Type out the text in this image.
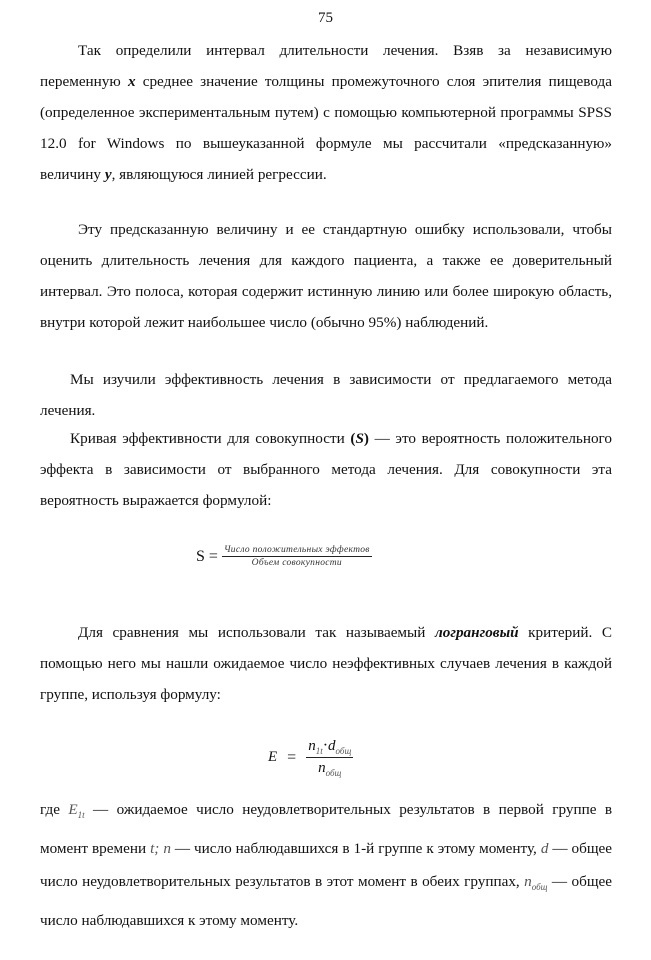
75

Так определили интервал длительности лечения. Взяв за независимую переменную x среднее значение толщины промежуточного слоя эпителия пищевода (определенное экспериментальным путем) с помощью компьютерной программы SPSS 12.0 for Windows по вышеуказанной формуле мы рассчитали «предсказанную» величину y, являющуюся линией регрессии.

Эту предсказанную величину и ее стандартную ошибку использовали, чтобы оценить длительность лечения для каждого пациента, а также ее доверительный интервал. Это полоса, которая содержит истинную линию или более широкую область, внутри которой лежит наибольшее число (обычно 95%) наблюдений.

Мы изучили эффективность лечения в зависимости от предлагаемого метода лечения.

Кривая эффективности для совокупности (S) — это вероятность положительного эффекта в зависимости от выбранного метода лечения. Для совокупности эта вероятность выражается формулой:

$S = \frac{\text{Число положительных эффектов}}{\text{Объем совокупности}}$

Для сравнения мы использовали так называемый логранговый критерий. С помощью него мы нашли ожидаемое число неэффективных случаев лечения в каждой группе, используя формулу:

$E = \frac{n_{1t}\cdot d_{общ}}{n_{общ}}$

где $E_{1t}$ — ожидаемое число неудовлетворительных результатов в первой группе в момент времени t; n — число наблюдавшихся в 1-й группе к этому моменту, d — общее число неудовлетворительных результатов в этот момент в обеих группах, $n_{общ}$ — общее число наблюдавшихся к этому моменту.
